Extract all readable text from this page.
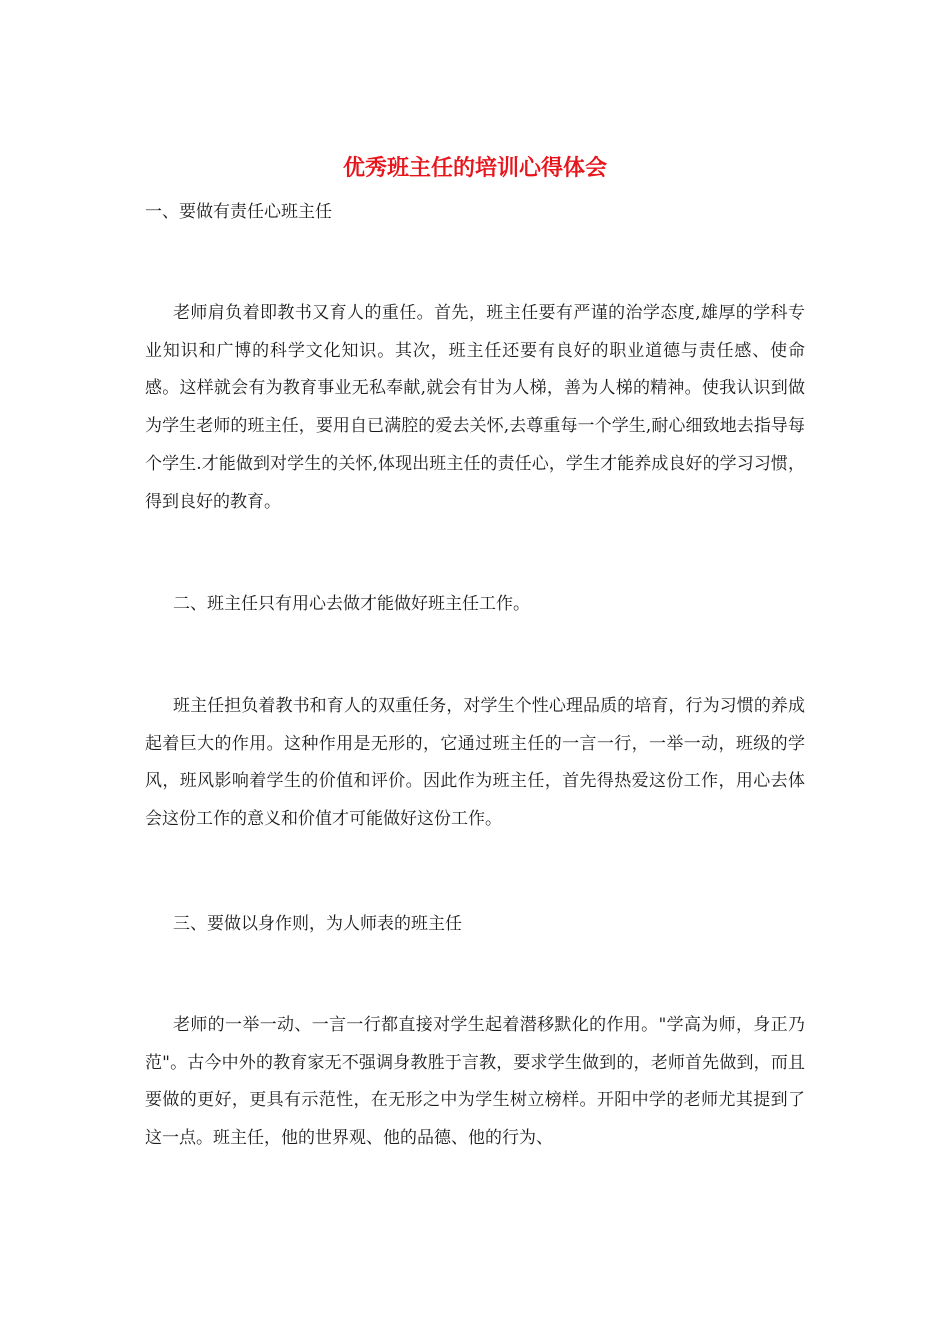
优秀班主任的培训心得体会

一、要做有责任心班主任

老师肩负着即教书又育人的重任。首先，班主任要有严谨的治学态度,雄厚的学科专业知识和广博的科学文化知识。其次，班主任还要有良好的职业道德与责任感、使命感。这样就会有为教育事业无私奉献,就会有甘为人梯，善为人梯的精神。使我认识到做为学生老师的班主任，要用自已满腔的爱去关怀,去尊重每一个学生,耐心细致地去指导每个学生.才能做到对学生的关怀,体现出班主任的责任心，学生才能养成良好的学习习惯，得到良好的教育。

二、班主任只有用心去做才能做好班主任工作。

班主任担负着教书和育人的双重任务，对学生个性心理品质的培育，行为习惯的养成起着巨大的作用。这种作用是无形的，它通过班主任的一言一行，一举一动，班级的学风，班风影响着学生的价值和评价。因此作为班主任，首先得热爱这份工作，用心去体会这份工作的意义和价值才可能做好这份工作。

三、要做以身作则，为人师表的班主任

老师的一举一动、一言一行都直接对学生起着潜移默化的作用。"学高为师，身正乃范"。古今中外的教育家无不强调身教胜于言教，要求学生做到的，老师首先做到，而且要做的更好，更具有示范性，在无形之中为学生树立榜样。开阳中学的老师尤其提到了这一点。班主任，他的世界观、他的品德、他的行为、
